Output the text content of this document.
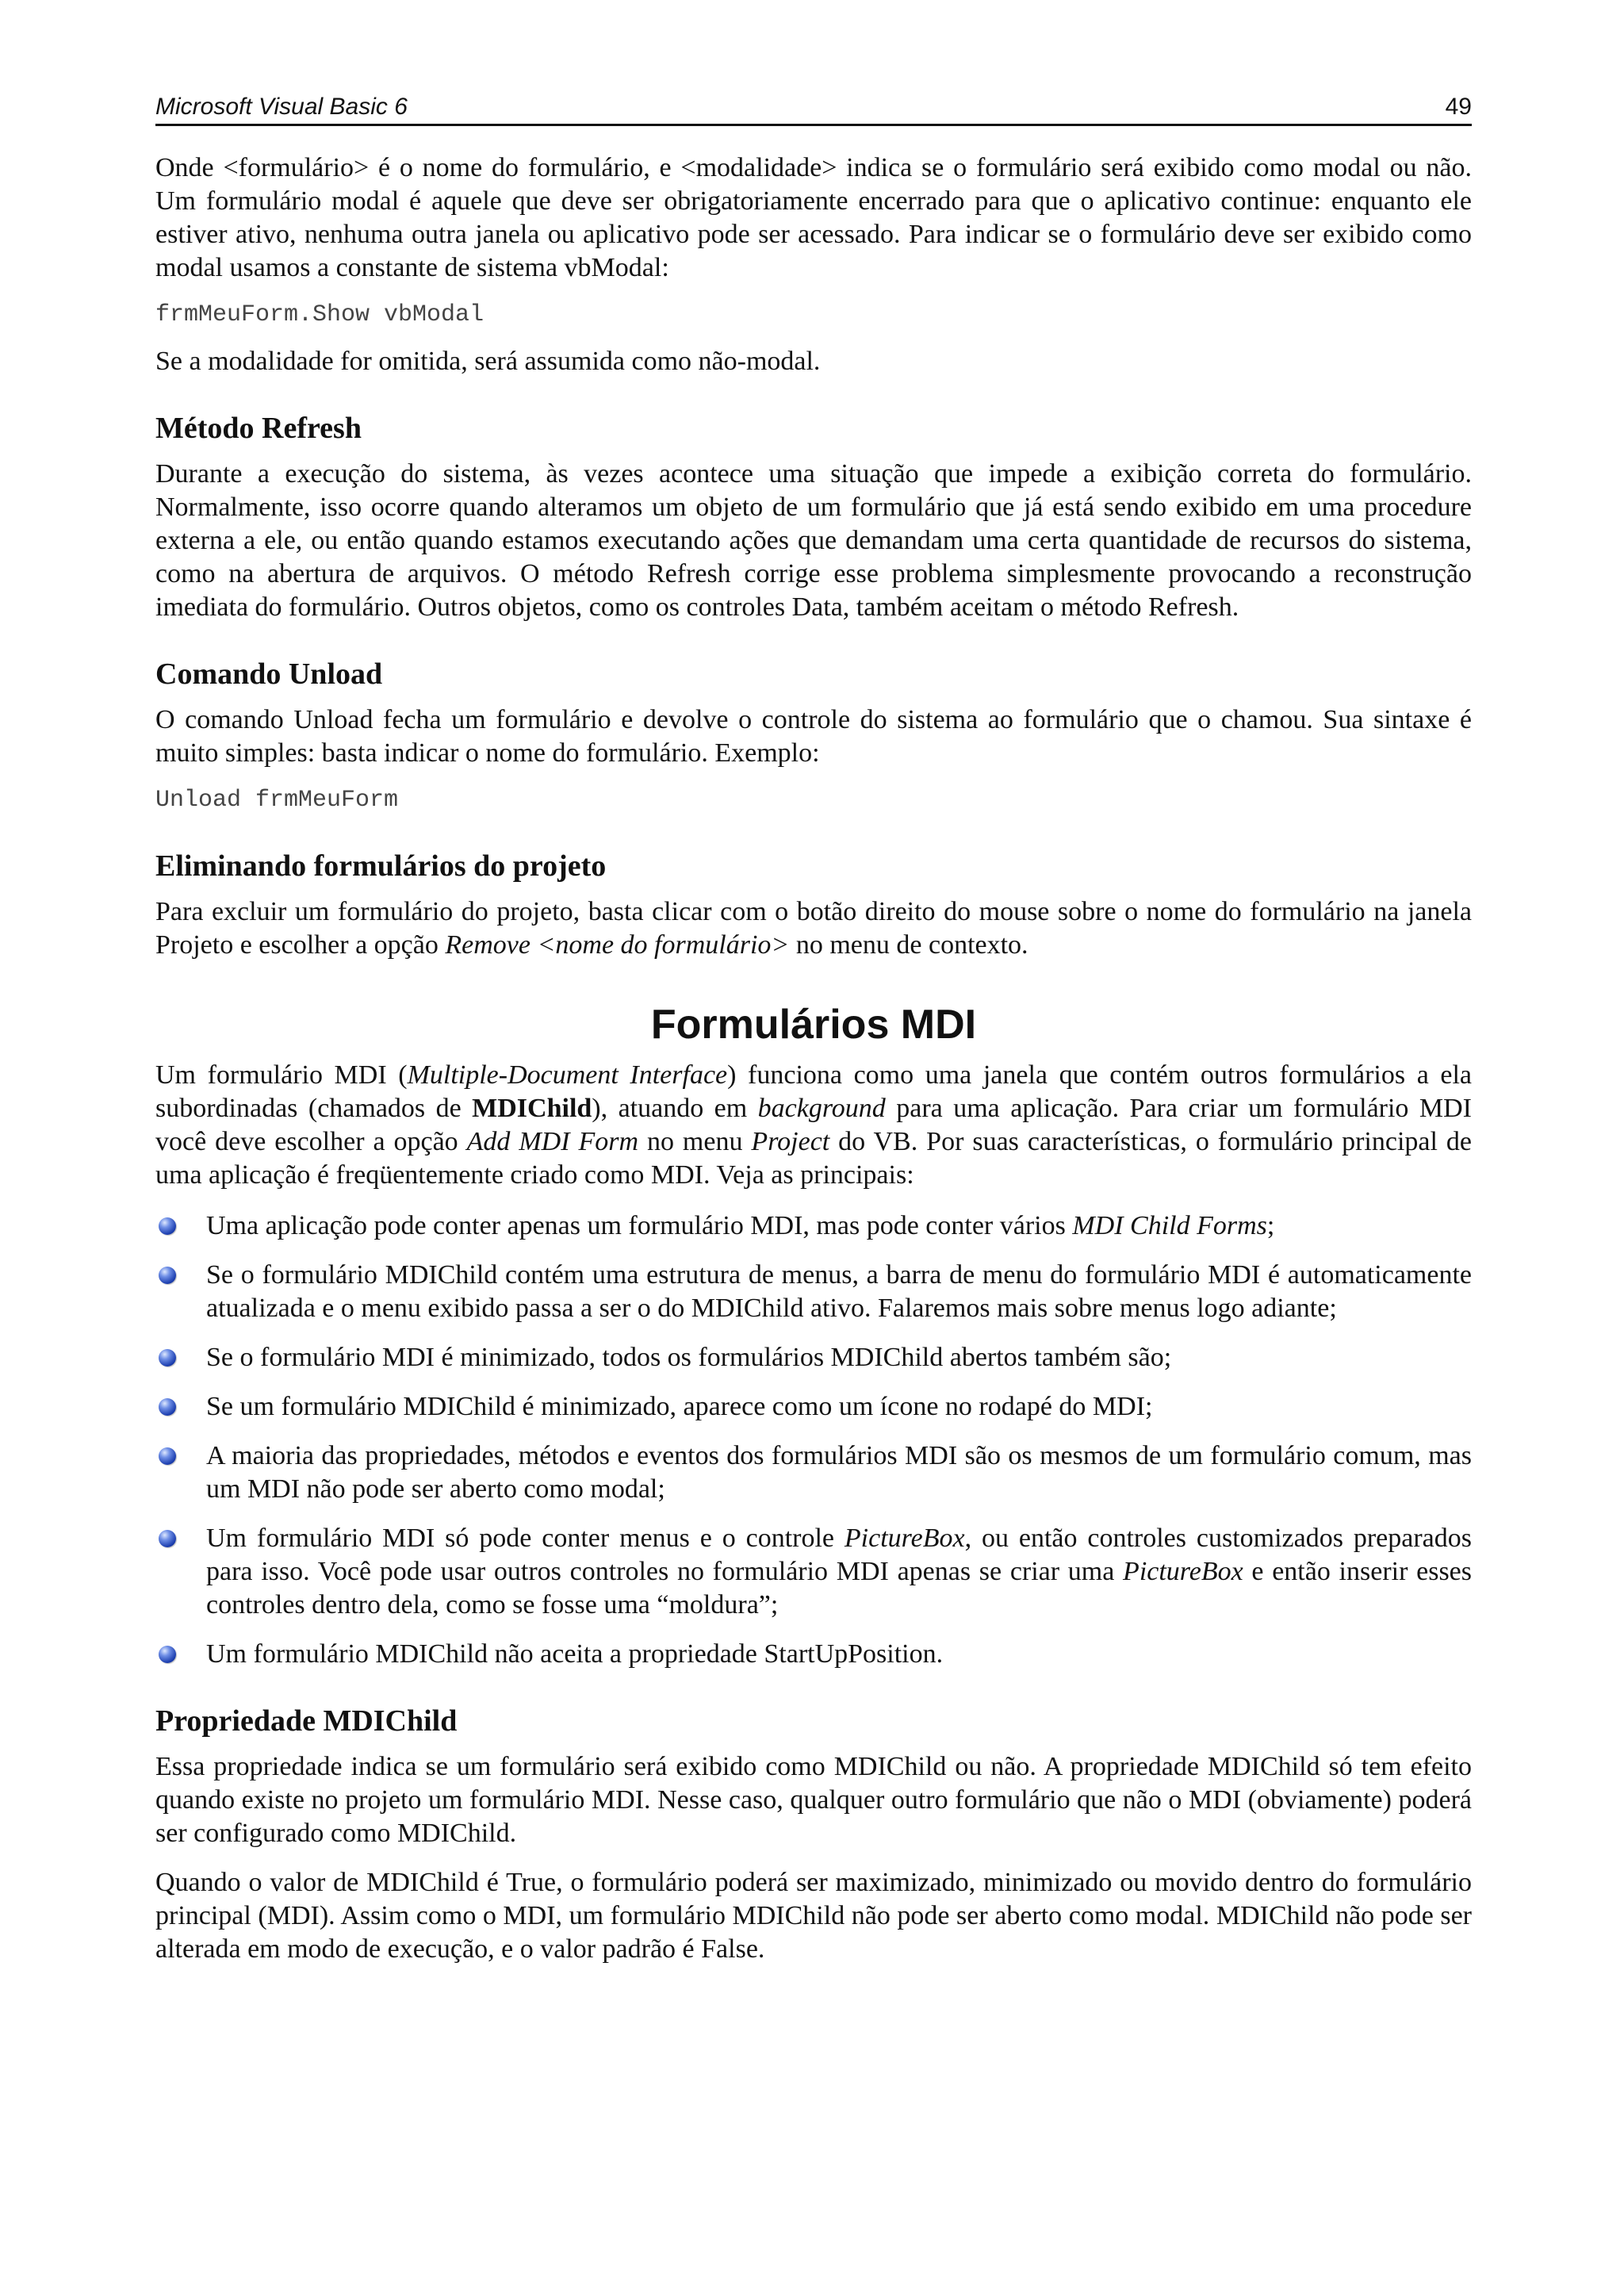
Microsoft Visual Basic 6	49

Onde <formulário> é o nome do formulário, e <modalidade> indica se o formulário será exibido como modal ou não. Um formulário modal é aquele que deve ser obrigatoriamente encerrado para que o aplicativo continue: enquanto ele estiver ativo, nenhuma outra janela ou aplicativo pode ser acessado. Para indicar se o formulário deve ser exibido como modal usamos a constante de sistema vbModal:

frmMeuForm.Show vbModal

Se a modalidade for omitida, será assumida como não-modal.

Método Refresh

Durante a execução do sistema, às vezes acontece uma situação que impede a exibição correta do formulário. Normalmente, isso ocorre quando alteramos um objeto de um formulário que já está sendo exibido em uma procedure externa a ele, ou então quando estamos executando ações que demandam uma certa quantidade de recursos do sistema, como na abertura de arquivos. O método Refresh corrige esse problema simplesmente provocando a reconstrução imediata do formulário. Outros objetos, como os controles Data, também aceitam o método Refresh.

Comando Unload

O comando Unload fecha um formulário e devolve o controle do sistema ao formulário que o chamou. Sua sintaxe é muito simples: basta indicar o nome do formulário. Exemplo:

Unload frmMeuForm
Eliminando formulários do projeto

Para excluir um formulário do projeto, basta clicar com o botão direito do mouse sobre o nome do formulário na janela Projeto e escolher a opção Remove <nome do formulário> no menu de contexto.

Formulários MDI

Um formulário MDI (Multiple-Document Interface) funciona como uma janela que contém outros formulários a ela subordinadas (chamados de MDIChild), atuando em background para uma aplicação. Para criar um formulário MDI você deve escolher a opção Add MDI Form no menu Project do VB. Por suas características, o formulário principal de uma aplicação é freqüentemente criado como MDI. Veja as principais:

Uma aplicação pode conter apenas um formulário MDI, mas pode conter vários MDI Child Forms;
Se o formulário MDIChild contém uma estrutura de menus, a barra de menu do formulário MDI é automaticamente atualizada e o menu exibido passa a ser o do MDIChild ativo. Falaremos mais sobre menus logo adiante;
Se o formulário MDI é minimizado, todos os formulários MDIChild abertos também são;
Se um formulário MDIChild é minimizado, aparece como um ícone no rodapé do MDI;
A maioria das propriedades, métodos e eventos dos formulários MDI são os mesmos de um formulário comum, mas um MDI não pode ser aberto como modal;
Um formulário MDI só pode conter menus e o controle PictureBox, ou então controles customizados preparados para isso. Você pode usar outros controles no formulário MDI apenas se criar uma PictureBox e então inserir esses controles dentro dela, como se fosse uma “moldura”;
Um formulário MDIChild não aceita a propriedade StartUpPosition.
Propriedade MDIChild

Essa propriedade indica se um formulário será exibido como MDIChild ou não. A propriedade MDIChild só tem efeito quando existe no projeto um formulário MDI. Nesse caso, qualquer outro formulário que não o MDI (obviamente) poderá ser configurado como MDIChild.

Quando o valor de MDIChild é True, o formulário poderá ser maximizado, minimizado ou movido dentro do formulário principal (MDI). Assim como o MDI, um formulário MDIChild não pode ser aberto como modal. MDIChild não pode ser alterada em modo de execução, e o valor padrão é False.
